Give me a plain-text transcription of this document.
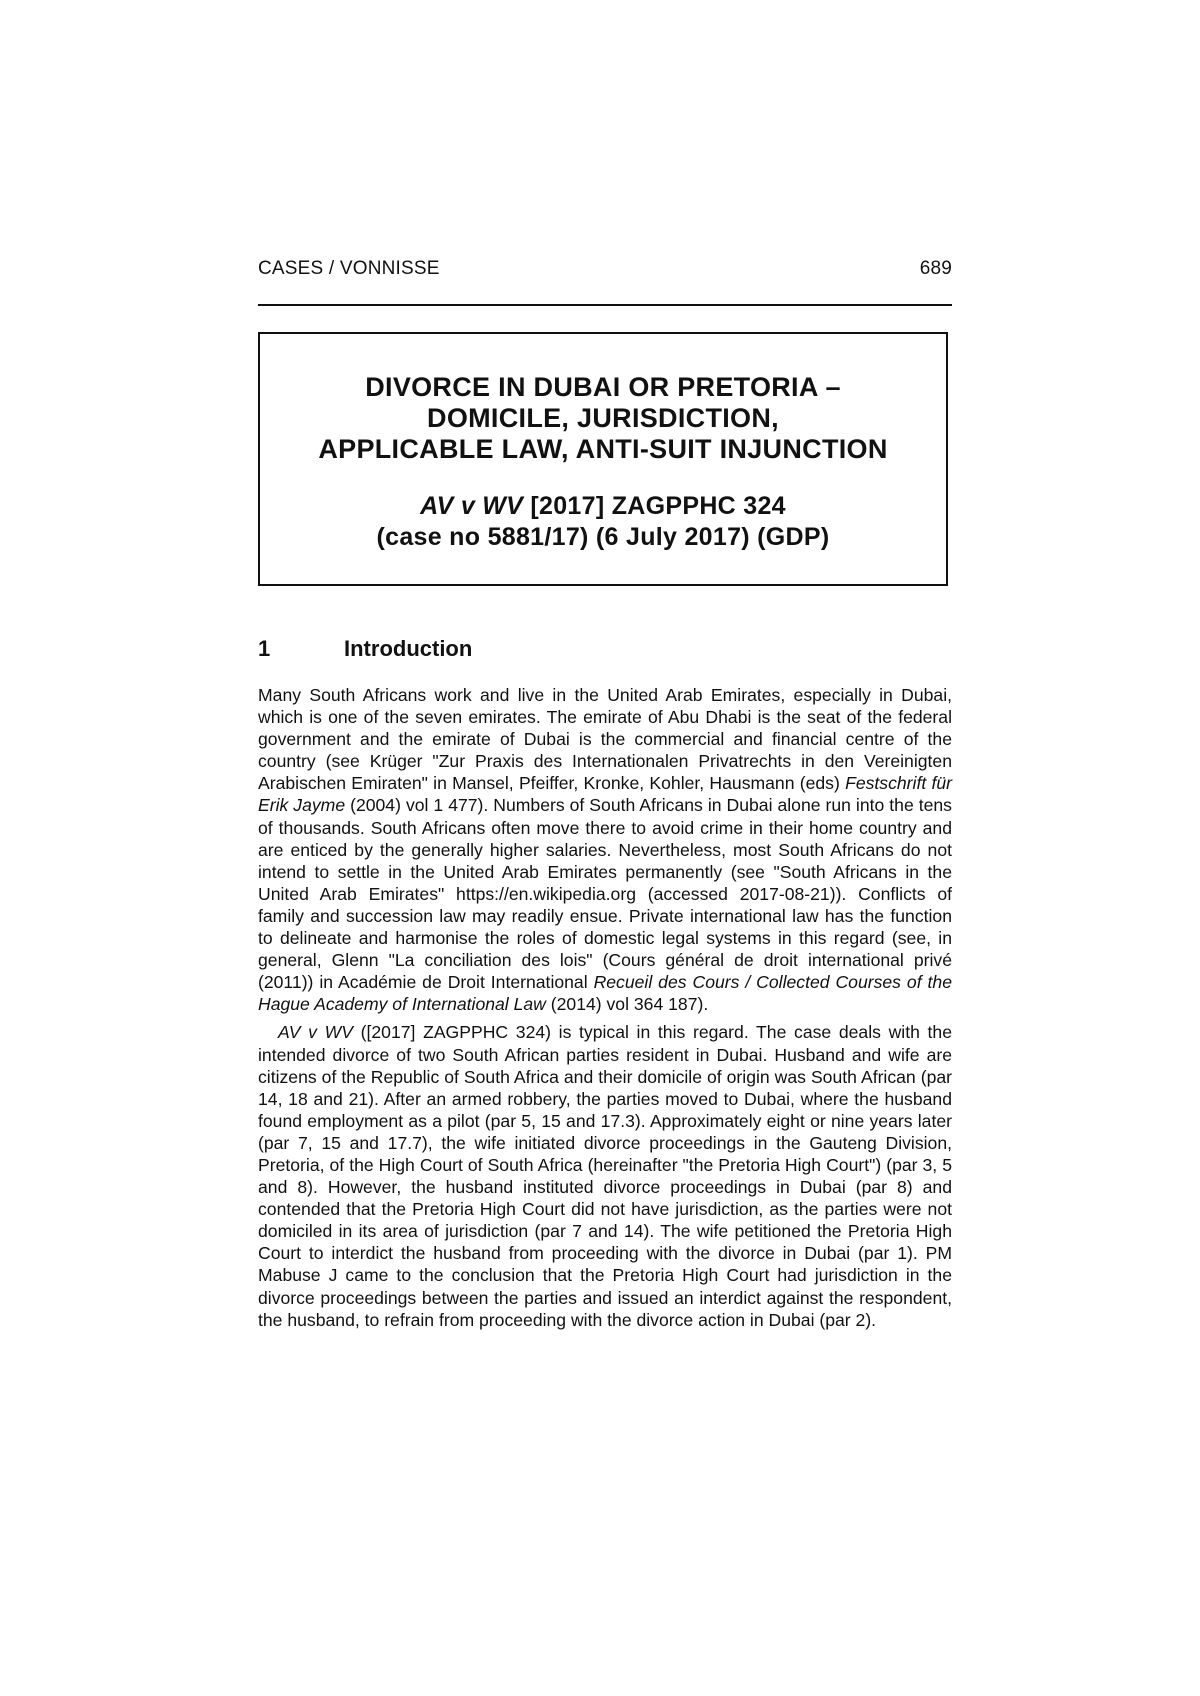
CASES / VONNISSE	689
DIVORCE IN DUBAI OR PRETORIA –
DOMICILE, JURISDICTION,
APPLICABLE LAW, ANTI-SUIT INJUNCTION
AV v WV [2017] ZAGPPHC 324
(case no 5881/17) (6 July 2017) (GDP)
1	Introduction

Many South Africans work and live in the United Arab Emirates, especially in Dubai, which is one of the seven emirates. The emirate of Abu Dhabi is the seat of the federal government and the emirate of Dubai is the commercial and financial centre of the country (see Krüger "Zur Praxis des Internationalen Privatrechts in den Vereinigten Arabischen Emiraten" in Mansel, Pfeiffer, Kronke, Kohler, Hausmann (eds) Festschrift für Erik Jayme (2004) vol 1 477). Numbers of South Africans in Dubai alone run into the tens of thousands. South Africans often move there to avoid crime in their home country and are enticed by the generally higher salaries. Nevertheless, most South Africans do not intend to settle in the United Arab Emirates permanently (see "South Africans in the United Arab Emirates" https://en.wikipedia.org (accessed 2017-08-21)). Conflicts of family and succession law may readily ensue. Private international law has the function to delineate and harmonise the roles of domestic legal systems in this regard (see, in general, Glenn "La conciliation des lois" (Cours général de droit international privé (2011)) in Académie de Droit International Recueil des Cours / Collected Courses of the Hague Academy of International Law (2014) vol 364 187).

AV v WV ([2017] ZAGPPHC 324) is typical in this regard. The case deals with the intended divorce of two South African parties resident in Dubai. Husband and wife are citizens of the Republic of South Africa and their domicile of origin was South African (par 14, 18 and 21). After an armed robbery, the parties moved to Dubai, where the husband found employment as a pilot (par 5, 15 and 17.3). Approximately eight or nine years later (par 7, 15 and 17.7), the wife initiated divorce proceedings in the Gauteng Division, Pretoria, of the High Court of South Africa (hereinafter "the Pretoria High Court") (par 3, 5 and 8). However, the husband instituted divorce proceedings in Dubai (par 8) and contended that the Pretoria High Court did not have jurisdiction, as the parties were not domiciled in its area of jurisdiction (par 7 and 14). The wife petitioned the Pretoria High Court to interdict the husband from proceeding with the divorce in Dubai (par 1). PM Mabuse J came to the conclusion that the Pretoria High Court had jurisdiction in the divorce proceedings between the parties and issued an interdict against the respondent, the husband, to refrain from proceeding with the divorce action in Dubai (par 2).
